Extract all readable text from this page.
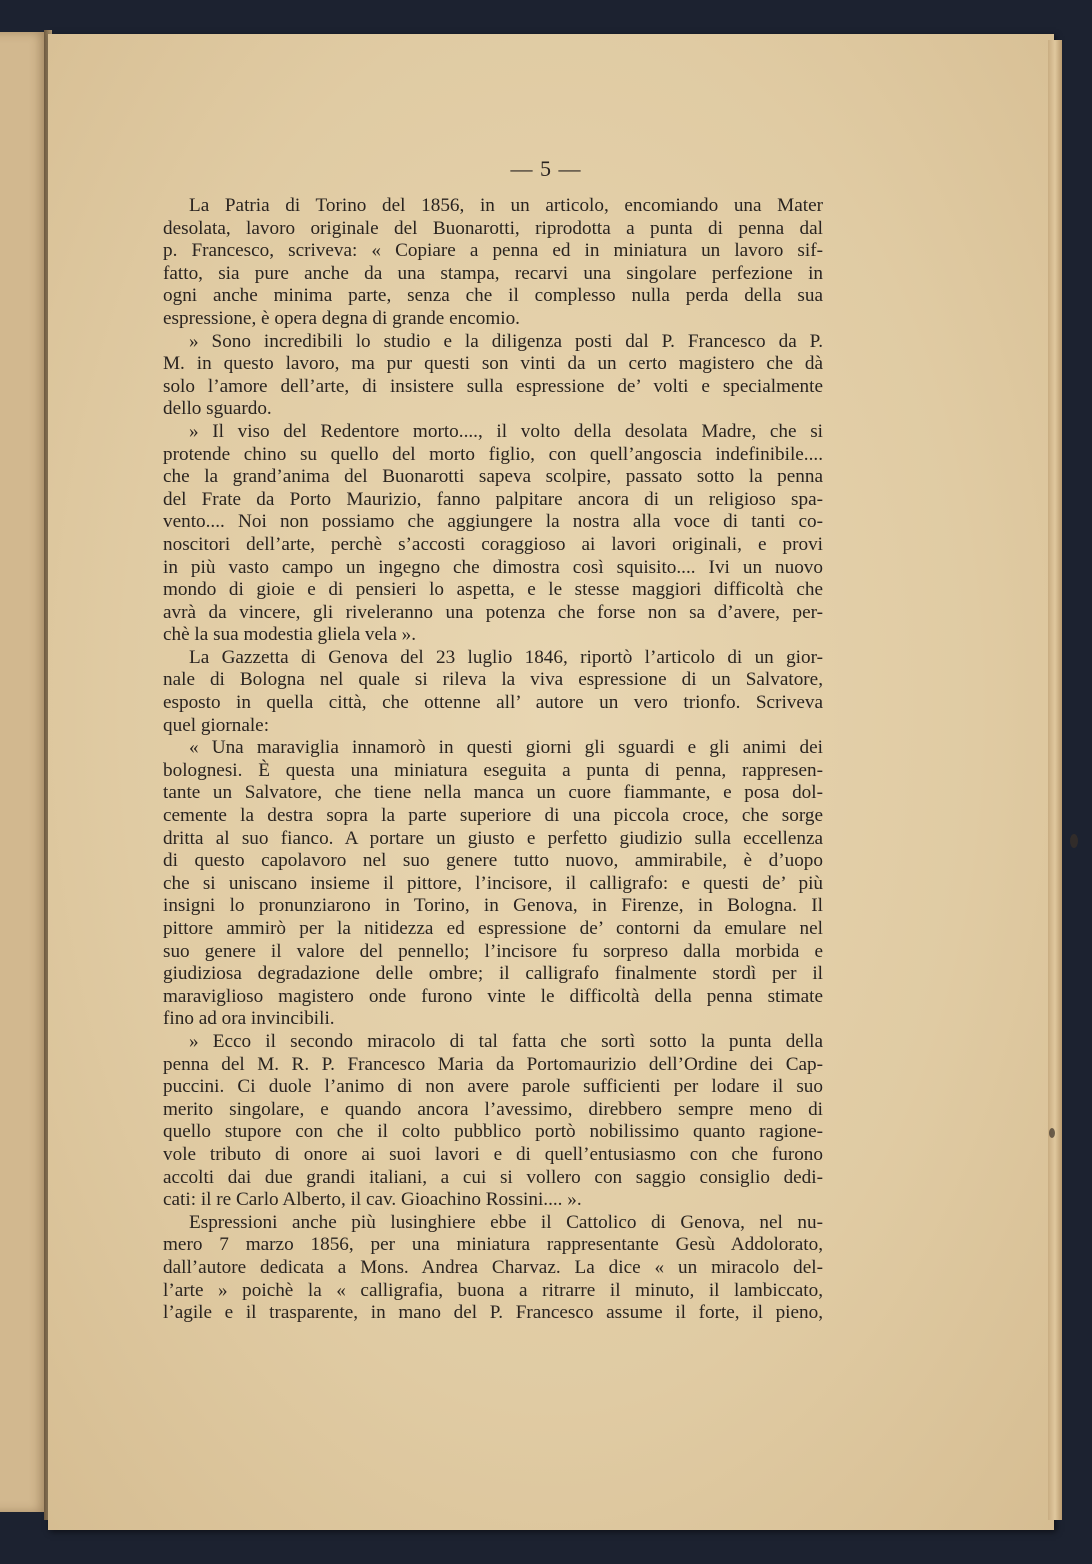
— 5 —
La Patria di Torino del 1856, in un articolo, encomiando una Mater
desolata, lavoro originale del Buonarotti, riprodotta a punta di penna dal
p. Francesco, scriveva: « Copiare a penna ed in miniatura un lavoro sif-
fatto, sia pure anche da una stampa, recarvi una singolare perfezione in
ogni anche minima parte, senza che il complesso nulla perda della sua
espressione, è opera degna di grande encomio.
» Sono incredibili lo studio e la diligenza posti dal P. Francesco da P.
M. in questo lavoro, ma pur questi son vinti da un certo magistero che dà
solo l’amore dell’arte, di insistere sulla espressione de’ volti e specialmente
dello sguardo.
» Il viso del Redentore morto...., il volto della desolata Madre, che si
protende chino su quello del morto figlio, con quell’angoscia indefinibile....
che la grand’anima del Buonarotti sapeva scolpire, passato sotto la penna
del Frate da Porto Maurizio, fanno palpitare ancora di un religioso spa-
vento.... Noi non possiamo che aggiungere la nostra alla voce di tanti co-
noscitori dell’arte, perchè s’accosti coraggioso ai lavori originali, e provi
in più vasto campo un ingegno che dimostra così squisito.... Ivi un nuovo
mondo di gioie e di pensieri lo aspetta, e le stesse maggiori difficoltà che
avrà da vincere, gli riveleranno una potenza che forse non sa d’avere, per-
chè la sua modestia gliela vela ».
La Gazzetta di Genova del 23 luglio 1846, riportò l’articolo di un gior-
nale di Bologna nel quale si rileva la viva espressione di un Salvatore,
esposto in quella città, che ottenne all’ autore un vero trionfo. Scriveva
quel giornale:
« Una maraviglia innamorò in questi giorni gli sguardi e gli animi dei
bolognesi. È questa una miniatura eseguita a punta di penna, rappresen-
tante un Salvatore, che tiene nella manca un cuore fiammante, e posa dol-
cemente la destra sopra la parte superiore di una piccola croce, che sorge
dritta al suo fianco. A portare un giusto e perfetto giudizio sulla eccellenza
di questo capolavoro nel suo genere tutto nuovo, ammirabile, è d’uopo
che si uniscano insieme il pittore, l’incisore, il calligrafo: e questi de’ più
insigni lo pronunziarono in Torino, in Genova, in Firenze, in Bologna. Il
pittore ammirò per la nitidezza ed espressione de’ contorni da emulare nel
suo genere il valore del pennello; l’incisore fu sorpreso dalla morbida e
giudiziosa degradazione delle ombre; il calligrafo finalmente stordì per il
maraviglioso magistero onde furono vinte le difficoltà della penna stimate
fino ad ora invincibili.
» Ecco il secondo miracolo di tal fatta che sortì sotto la punta della
penna del M. R. P. Francesco Maria da Portomaurizio dell’Ordine dei Cap-
puccini. Ci duole l’animo di non avere parole sufficienti per lodare il suo
merito singolare, e quando ancora l’avessimo, direbbero sempre meno di
quello stupore con che il colto pubblico portò nobilissimo quanto ragione-
vole tributo di onore ai suoi lavori e di quell’entusiasmo con che furono
accolti dai due grandi italiani, a cui si vollero con saggio consiglio dedi-
cati: il re Carlo Alberto, il cav. Gioachino Rossini.... ».
Espressioni anche più lusinghiere ebbe il Cattolico di Genova, nel nu-
mero 7 marzo 1856, per una miniatura rappresentante Gesù Addolorato,
dall’autore dedicata a Mons. Andrea Charvaz. La dice « un miracolo del-
l’arte » poichè la « calligrafia, buona a ritrarre il minuto, il lambiccato,
l’agile e il trasparente, in mano del P. Francesco assume il forte, il pieno,
